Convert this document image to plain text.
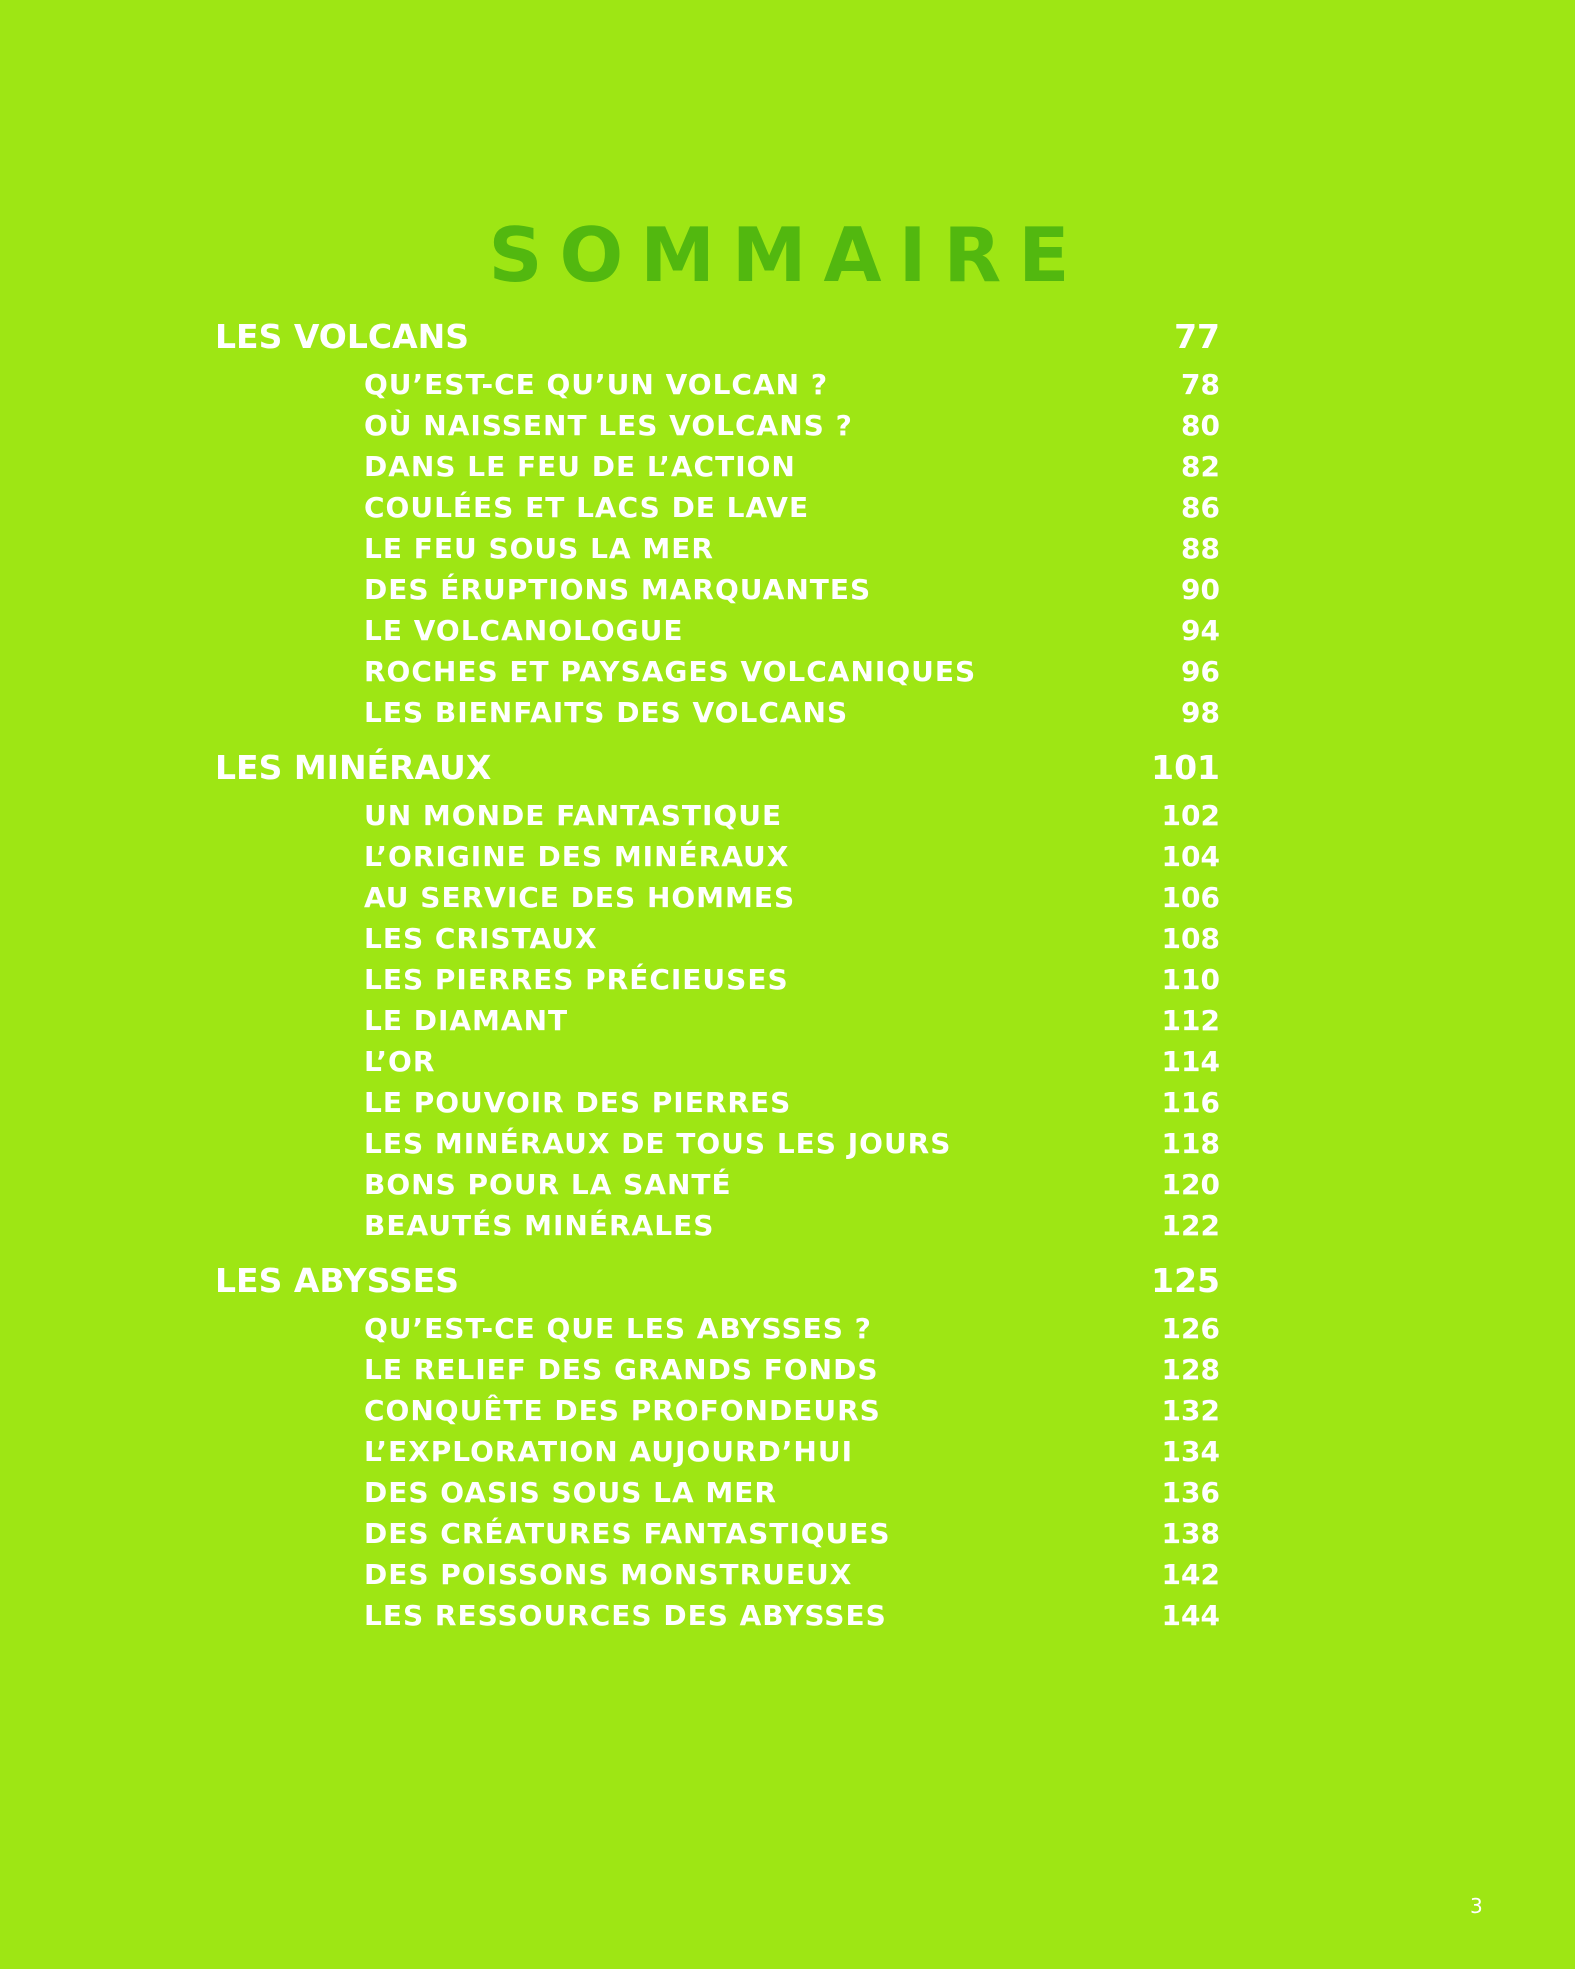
SOMMAIRE
LES VOLCANS	77
QU’EST-CE QU’UN VOLCAN ?	78
OÙ NAISSENT LES VOLCANS ?	80
DANS LE FEU DE L’ACTION	82
COULÉES ET LACS DE LAVE	86
LE FEU SOUS LA MER	88
DES ÉRUPTIONS MARQUANTES	90
LE VOLCANOLOGUE	94
ROCHES ET PAYSAGES VOLCANIQUES	96
LES BIENFAITS DES VOLCANS	98
LES MINÉRAUX	101
UN MONDE FANTASTIQUE	102
L’ORIGINE DES MINÉRAUX	104
AU SERVICE DES HOMMES	106
LES CRISTAUX	108
LES PIERRES PRÉCIEUSES	110
LE DIAMANT	112
L’OR	114
LE POUVOIR DES PIERRES	116
LES MINÉRAUX DE TOUS LES JOURS	118
BONS POUR LA SANTÉ	120
BEAUTÉS MINÉRALES	122
LES ABYSSES	125
QU’EST-CE QUE LES ABYSSES ?	126
LE RELIEF DES GRANDS FONDS	128
CONQUÊTE DES PROFONDEURS	132
L’EXPLORATION AUJOURD’HUI	134
DES OASIS SOUS LA MER	136
DES CRÉATURES FANTASTIQUES	138
DES POISSONS MONSTRUEUX	142
LES RESSOURCES DES ABYSSES	144
3
